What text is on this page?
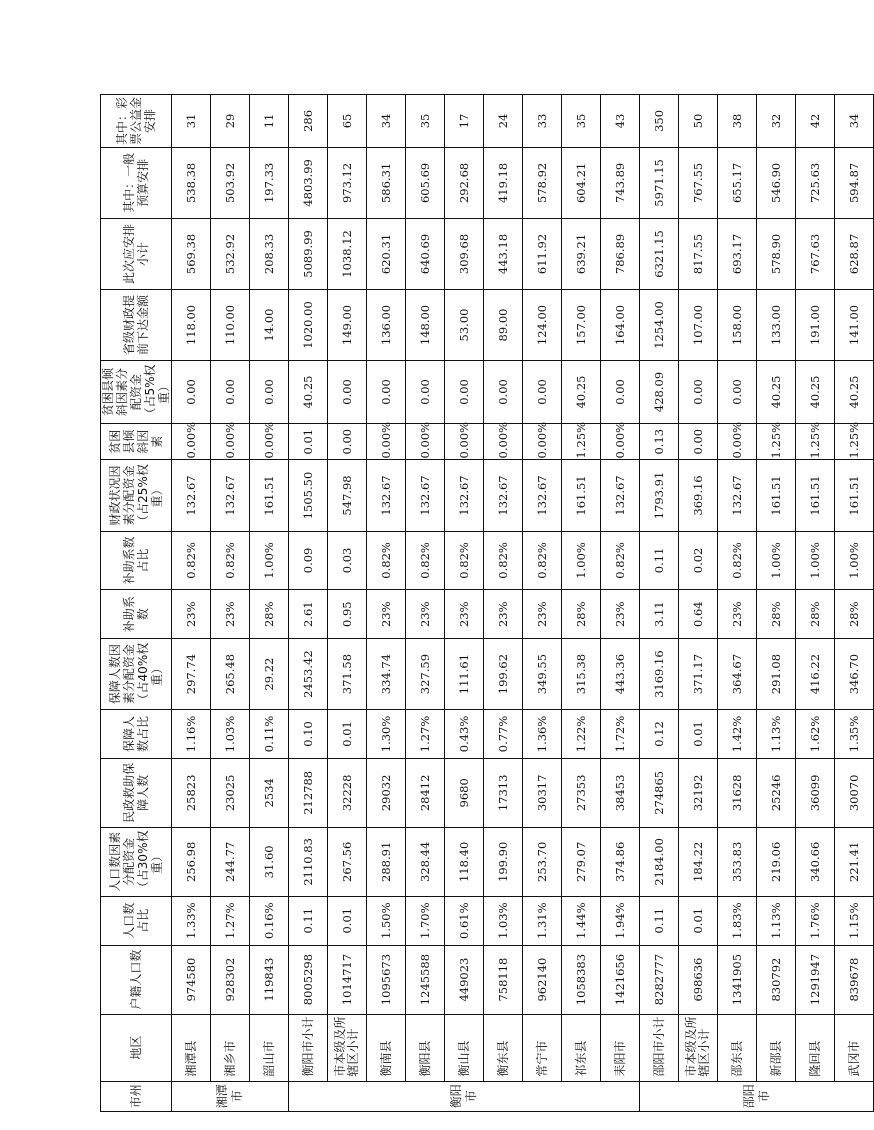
市州	地区	户籍人口数	人口数占比	人口数因素分配资金（占30%权重）	民政救助保障人数	保障人数占比	保障人数因素分配资金（占40%权重）	补助系数	补助系数占比	财政状况因素分配资金（占25%权重）	贫困县倾斜因素	贫困县倾斜因素分配资金（占5%权重）	省级财政提前下达金额	此次应安排小计	其中：一般预算安排	其中：彩票公益金安排
湘潭市	湘潭县	974580	1.33%	256.98	25823	1.16%	297.74	23%	0.82%	132.67	0.00%	0.00	118.00	569.38	538.38	31
	湘乡市	928302	1.27%	244.77	23025	1.03%	265.48	23%	0.82%	132.67	0.00%	0.00	110.00	532.92	503.92	29
	韶山市	119843	0.16%	31.60	2534	0.11%	29.22	28%	1.00%	161.51	0.00%	0.00	14.00	208.33	197.33	11
衡阳市	衡阳市小计	8005298	0.11	2110.83	212788	0.10	2453.42	2.61	0.09	1505.50	0.01	40.25	1020.00	5089.99	4803.99	286
	市本级及所辖区小计	1014717	0.01	267.56	32228	0.01	371.58	0.95	0.03	547.98	0.00	0.00	149.00	1038.12	973.12	65
	衡南县	1095673	1.50%	288.91	29032	1.30%	334.74	23%	0.82%	132.67	0.00%	0.00	136.00	620.31	586.31	34
	衡阳县	1245588	1.70%	328.44	28412	1.27%	327.59	23%	0.82%	132.67	0.00%	0.00	148.00	640.69	605.69	35
	衡山县	449023	0.61%	118.40	9680	0.43%	111.61	23%	0.82%	132.67	0.00%	0.00	53.00	309.68	292.68	17
	衡东县	758118	1.03%	199.90	17313	0.77%	199.62	23%	0.82%	132.67	0.00%	0.00	89.00	443.18	419.18	24
	常宁市	962140	1.31%	253.70	30317	1.36%	349.55	23%	0.82%	132.67	0.00%	0.00	124.00	611.92	578.92	33
	祁东县	1058383	1.44%	279.07	27353	1.22%	315.38	28%	1.00%	161.51	1.25%	40.25	157.00	639.21	604.21	35
	耒阳市	1421656	1.94%	374.86	38453	1.72%	443.36	23%	0.82%	132.67	0.00%	0.00	164.00	786.89	743.89	43
邵阳市	邵阳市小计	8282777	0.11	2184.00	274865	0.12	3169.16	3.11	0.11	1793.91	0.13	428.09	1254.00	6321.15	5971.15	350
	市本级及所辖区小计	698636	0.01	184.22	32192	0.01	371.17	0.64	0.02	369.16	0.00	0.00	107.00	817.55	767.55	50
	邵东县	1341905	1.83%	353.83	31628	1.42%	364.67	23%	0.82%	132.67	0.00%	0.00	158.00	693.17	655.17	38
	新邵县	830792	1.13%	219.06	25246	1.13%	291.08	28%	1.00%	161.51	1.25%	40.25	133.00	578.90	546.90	32
	隆回县	1291947	1.76%	340.66	36099	1.62%	416.22	28%	1.00%	161.51	1.25%	40.25	191.00	767.63	725.63	42
	武冈市	839678	1.15%	221.41	30070	1.35%	346.70	28%	1.00%	161.51	1.25%	40.25	141.00	628.87	594.87	34
